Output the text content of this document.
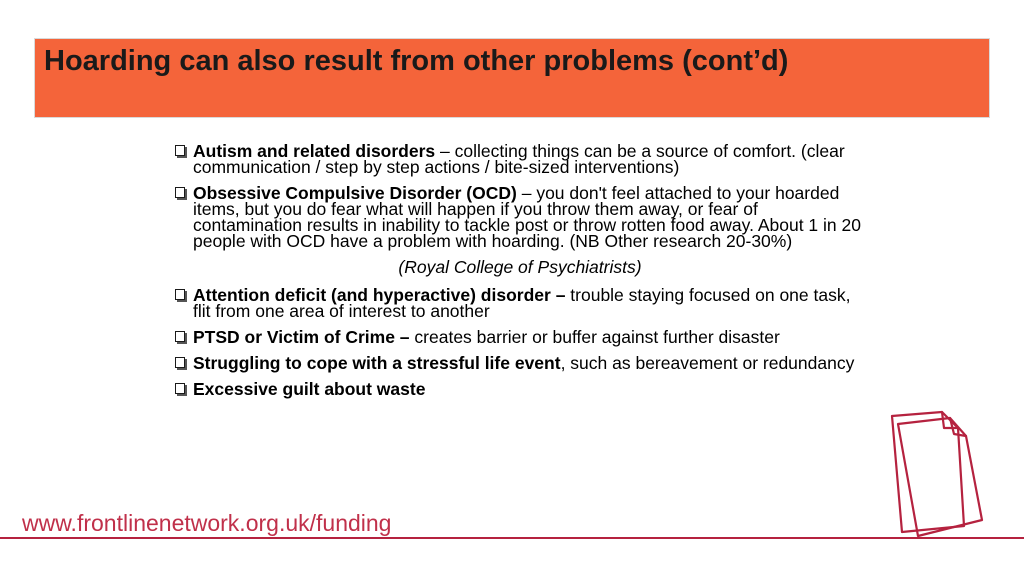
Hoarding can also result from other problems (cont’d)
Autism and related disorders – collecting things can be a source of comfort. (clear communication / step by step actions / bite-sized interventions)
Obsessive Compulsive Disorder (OCD) – you don't feel attached to your hoarded items, but you do fear what will happen if you throw them away, or fear of contamination results in inability to tackle post or throw rotten food away. About 1 in 20 people with OCD have a problem with hoarding. (NB Other research 20-30%)
(Royal College of Psychiatrists)
Attention deficit (and hyperactive) disorder – trouble staying focused on one task, flit from one area of interest to another
PTSD or Victim of Crime – creates barrier or buffer against further disaster
Struggling to cope with a stressful life event, such as bereavement or redundancy
Excessive guilt about waste
www.frontlinenetwork.org.uk/funding
